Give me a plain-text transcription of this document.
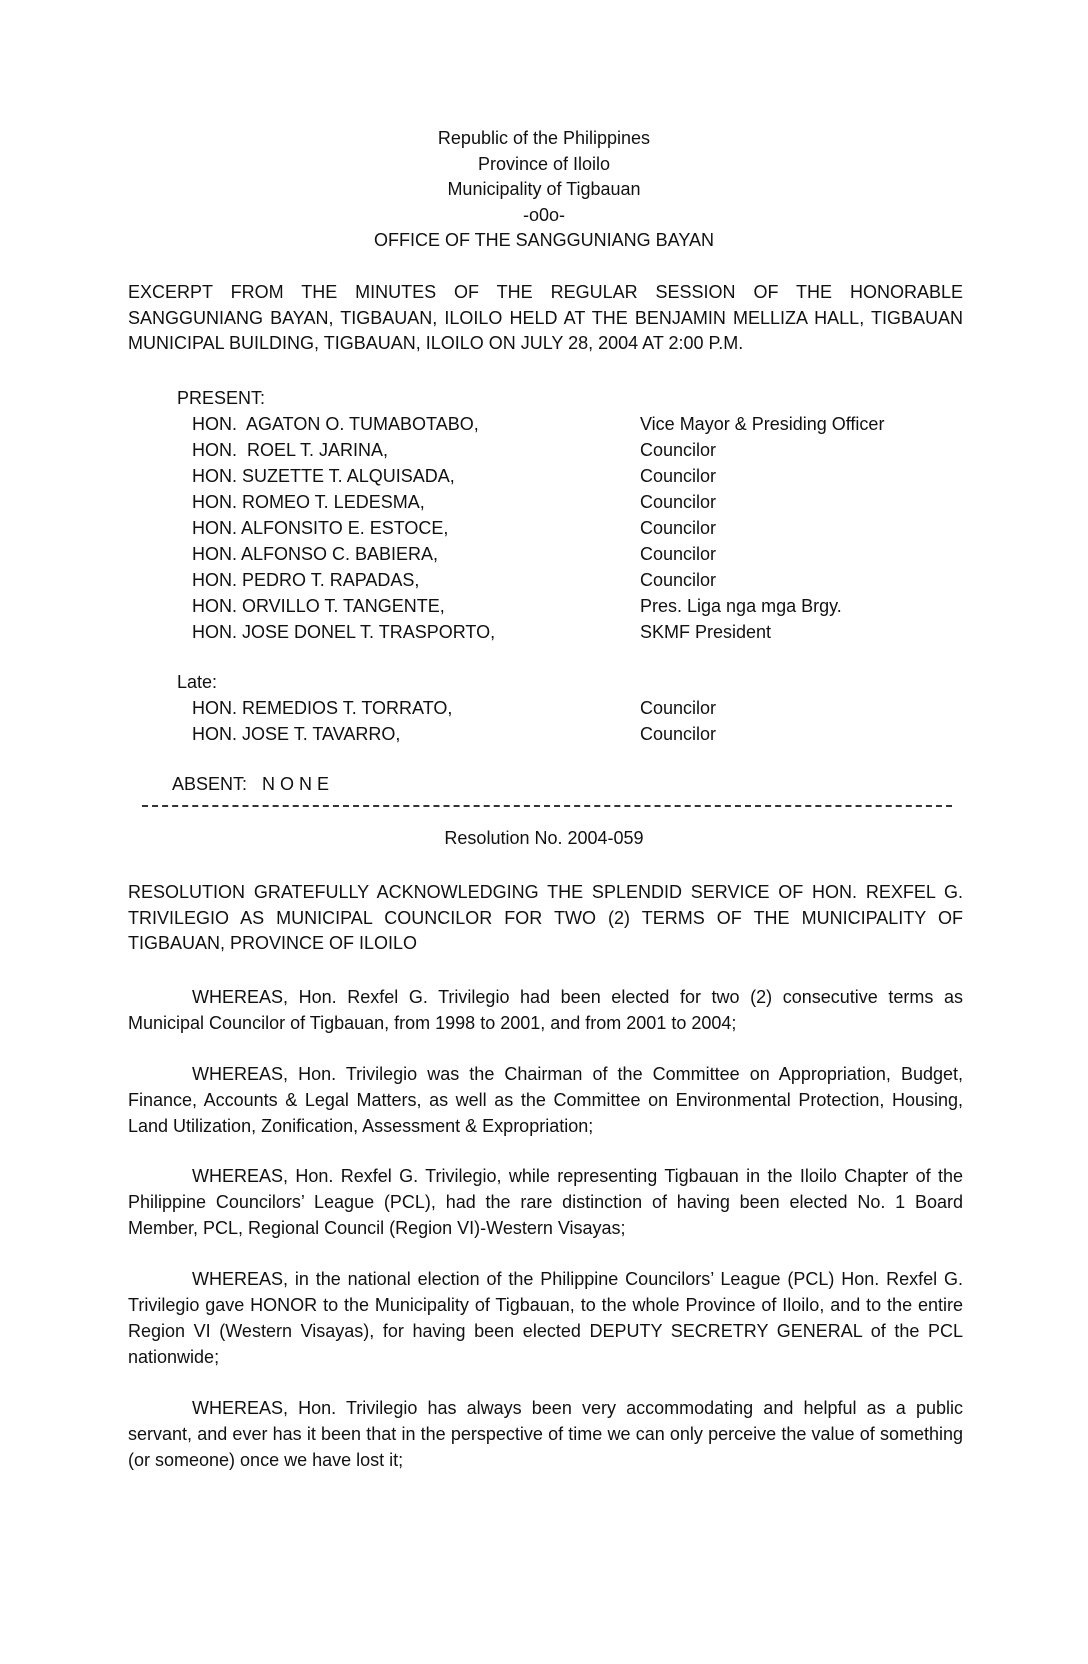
Republic of the Philippines
Province of Iloilo
Municipality of Tigbauan
-o0o-
OFFICE OF THE SANGGUNIANG BAYAN
EXCERPT FROM THE MINUTES OF THE REGULAR SESSION OF THE HONORABLE SANGGUNIANG BAYAN, TIGBAUAN, ILOILO HELD AT THE BENJAMIN MELLIZA HALL, TIGBAUAN MUNICIPAL BUILDING, TIGBAUAN, ILOILO ON JULY 28, 2004 AT 2:00 P.M.
PRESENT:
HON.  AGATON O. TUMABOTABO,	Vice Mayor & Presiding Officer
HON.  ROEL T. JARINA,	Councilor
HON. SUZETTE T. ALQUISADA,	Councilor
HON. ROMEO T. LEDESMA,	Councilor
HON. ALFONSITO E. ESTOCE,	Councilor
HON. ALFONSO C. BABIERA,	Councilor
HON. PEDRO T. RAPADAS,	Councilor
HON. ORVILLO T. TANGENTE,	Pres. Liga nga mga Brgy.
HON. JOSE DONEL T. TRASPORTO,	SKMF President
Late:
HON. REMEDIOS T. TORRATO,	Councilor
HON. JOSE T. TAVARRO,	Councilor
ABSENT:   N O N E
Resolution No. 2004-059
RESOLUTION GRATEFULLY ACKNOWLEDGING THE SPLENDID SERVICE OF HON. REXFEL G. TRIVILEGIO AS MUNICIPAL COUNCILOR FOR TWO (2) TERMS OF THE MUNICIPALITY OF TIGBAUAN, PROVINCE OF ILOILO

WHEREAS, Hon. Rexfel G. Trivilegio had been elected for two (2) consecutive terms as Municipal Councilor of Tigbauan, from 1998 to 2001, and from 2001 to 2004;

WHEREAS, Hon. Trivilegio was the Chairman of the Committee on Appropriation, Budget, Finance, Accounts & Legal Matters, as well as the Committee on Environmental Protection, Housing, Land Utilization, Zonification, Assessment & Expropriation;

WHEREAS, Hon. Rexfel G. Trivilegio, while representing Tigbauan in the Iloilo Chapter of the Philippine Councilors’ League (PCL), had the rare distinction of having been elected No. 1 Board Member, PCL, Regional Council (Region VI)-Western Visayas;

WHEREAS, in the national election of the Philippine Councilors’ League (PCL) Hon. Rexfel G. Trivilegio gave HONOR to the Municipality of Tigbauan, to the whole Province of Iloilo, and to the entire Region VI (Western Visayas), for having been elected DEPUTY SECRETRY GENERAL of the PCL nationwide;

WHEREAS, Hon. Trivilegio has always been very accommodating and helpful as a public servant, and ever has it been that in the perspective of time we can only perceive the value of something (or someone) once we have lost it;
